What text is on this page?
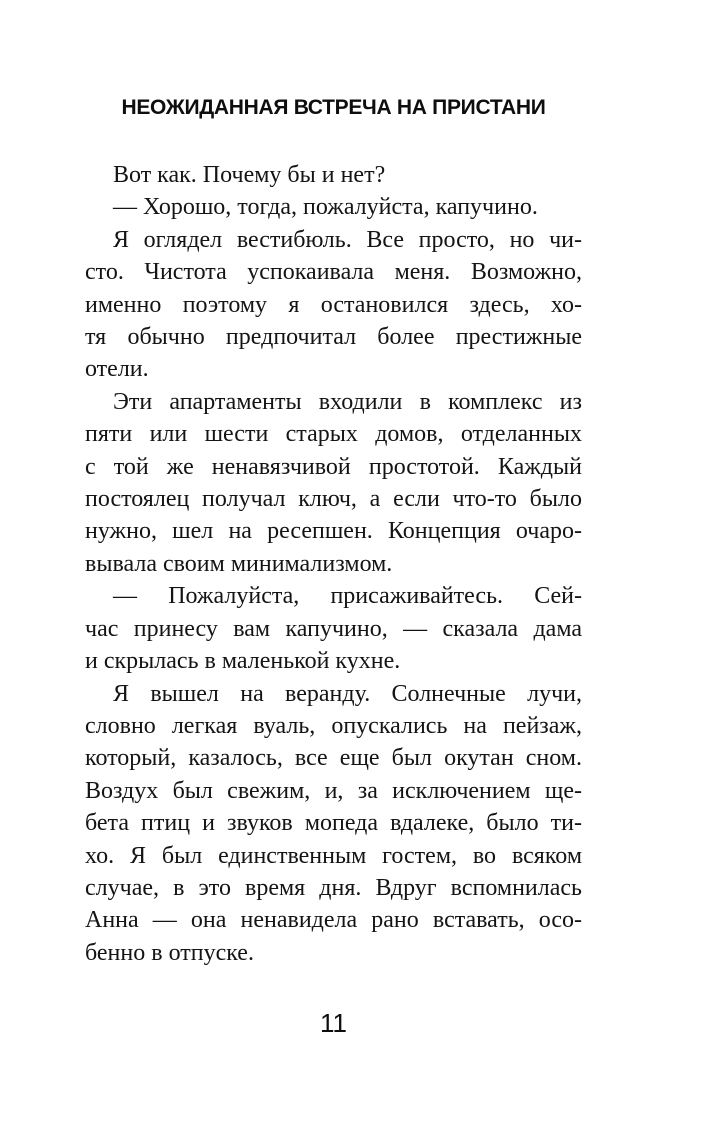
НЕОЖИДАННАЯ ВСТРЕЧА НА ПРИСТАНИ
Вот как. Почему бы и нет?
— Хорошо, тогда, пожалуйста, капучино.
Я оглядел вестибюль. Все просто, но чи-
сто. Чистота успокаивала меня. Возможно,
именно поэтому я остановился здесь, хо-
тя обычно предпочитал более престижные
отели.
Эти апартаменты входили в комплекс из
пяти или шести старых домов, отделанных
с той же ненавязчивой простотой. Каждый
постоялец получал ключ, а если что-то было
нужно, шел на ресепшен. Концепция очаро-
вывала своим минимализмом.
— Пожалуйста, присаживайтесь. Сей-
час принесу вам капучино, — сказала дама
и скрылась в маленькой кухне.
Я вышел на веранду. Солнечные лучи,
словно легкая вуаль, опускались на пейзаж,
который, казалось, все еще был окутан сном.
Воздух был свежим, и, за исключением ще-
бета птиц и звуков мопеда вдалеке, было ти-
хо. Я был единственным гостем, во всяком
случае, в это время дня. Вдруг вспомнилась
Анна — она ненавидела рано вставать, осо-
бенно в отпуске.
11
